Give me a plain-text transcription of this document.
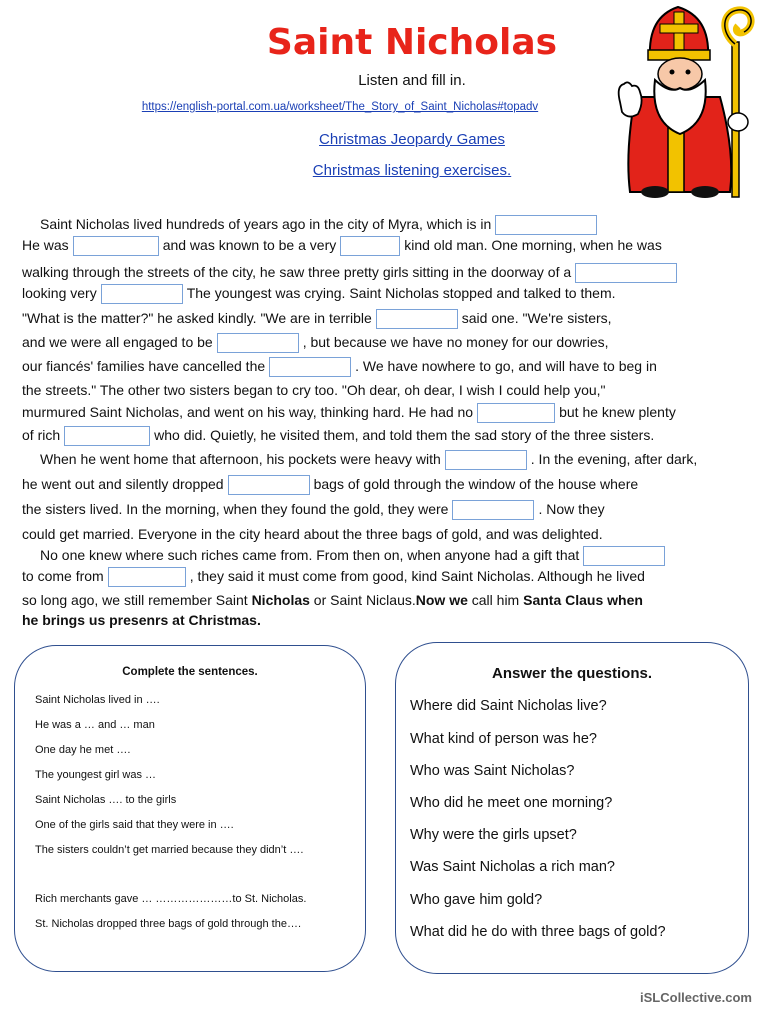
Saint Nicholas
Listen and fill in.
https://english-portal.com.ua/worksheet/The_Story_of_Saint_Nicholas#topadv
Christmas Jeopardy Games
Christmas listening exercises.
Saint Nicholas lived hundreds of years ago in the city of Myra, which is in
He was	and was known to be a very	kind old man. One morning, when he was
walking through the streets of the city, he saw three pretty girls sitting in the doorway of a
looking very	The youngest was crying. Saint Nicholas stopped and talked to them.
"What is the matter?" he asked kindly. "We are in terrible	said one. "We're sisters,
and we were all engaged to be	, but because we have no money for our dowries,
our fiancés' families have cancelled the	. We have nowhere to go, and will have to beg in
the streets." The other two sisters began to cry too. "Oh dear, oh dear, I wish I could help you,"
murmured Saint Nicholas, and went on his way, thinking hard. He had no	but he knew plenty
of rich	who did. Quietly, he visited them, and told them the sad story of the three sisters.
When he went home that afternoon, his pockets were heavy with	. In the evening, after dark,
he went out and silently dropped	bags of gold through the window of the house where
the sisters lived. In the morning, when they found the gold, they were	. Now they
could get married. Everyone in the city heard about the three bags of gold, and was delighted.
No one knew where such riches came from. From then on, when anyone had a gift that
to come from	, they said it must come from good, kind Saint Nicholas. Although he lived
so long ago, we still remember Saint Nicholas or Saint Niclaus.Now we call him Santa Claus when
he brings us presenrs at Christmas.
Complete the sentences.
Saint Nicholas lived in ….
He was a … and … man
One day he met ….
The youngest girl was …
Saint Nicholas …. to the girls
One of the girls said that they were in ….
The sisters couldn’t get married because they didn’t ….
Rich merchants gave … …………………to St. Nicholas.
St. Nicholas dropped three bags of gold through the….
Answer the questions.
Where did Saint Nicholas live?
What kind of person was he?
Who was Saint Nicholas?
Who did he meet one morning?
Why were the girls upset?
Was Saint Nicholas a rich man?
Who gave him gold?
What did he do with three bags of gold?
iSLCollective.com
